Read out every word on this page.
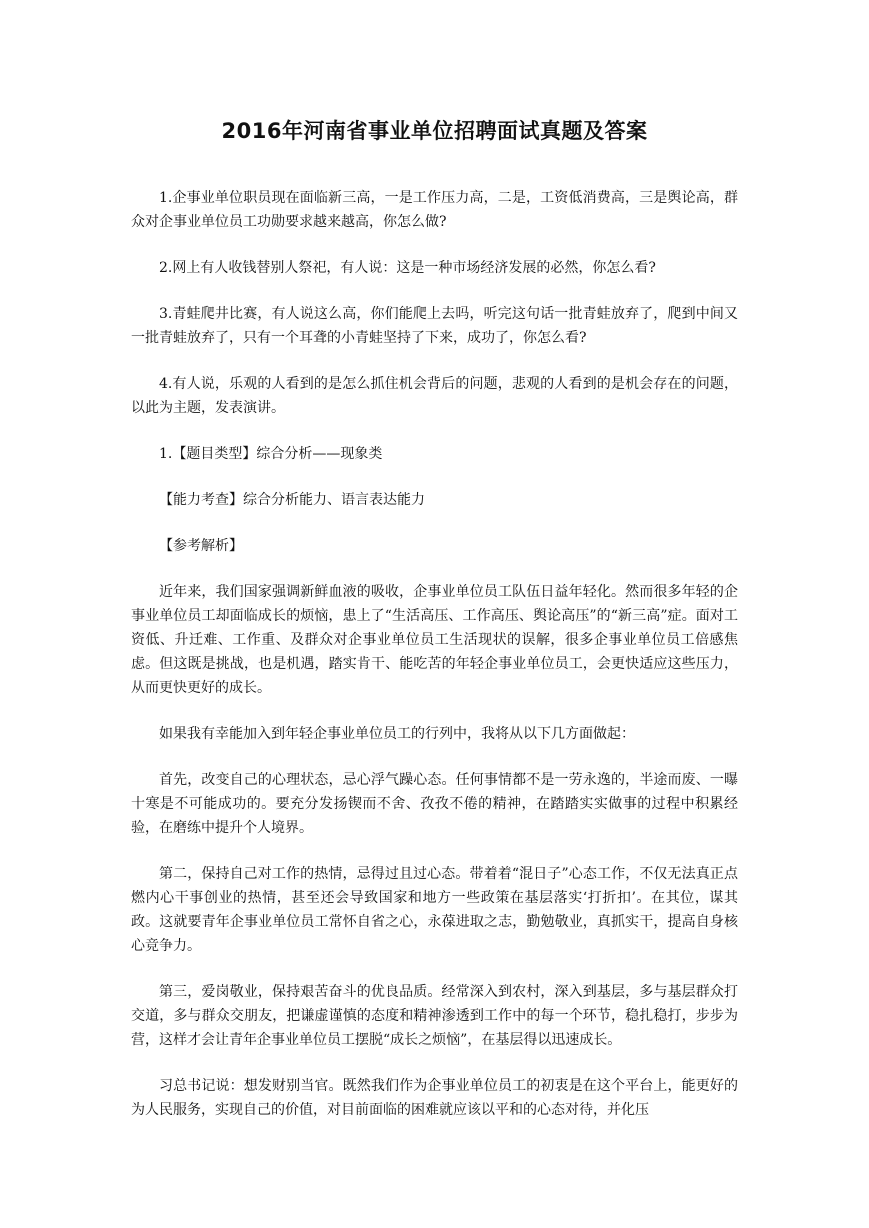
2016年河南省事业单位招聘面试真题及答案

1.企事业单位职员现在面临新三高，一是工作压力高，二是，工资低消费高，三是舆论高，群众对企事业单位员工功勋要求越来越高，你怎么做?

2.网上有人收钱替别人祭祀，有人说：这是一种市场经济发展的必然，你怎么看?

3.青蛙爬井比赛，有人说这么高，你们能爬上去吗，听完这句话一批青蛙放弃了，爬到中间又一批青蛙放弃了，只有一个耳聋的小青蛙坚持了下来，成功了，你怎么看?

4.有人说，乐观的人看到的是怎么抓住机会背后的问题，悲观的人看到的是机会存在的问题，以此为主题，发表演讲。

1.【题目类型】综合分析——现象类

【能力考查】综合分析能力、语言表达能力

【参考解析】

近年来，我们国家强调新鲜血液的吸收，企事业单位员工队伍日益年轻化。然而很多年轻的企事业单位员工却面临成长的烦恼，患上了“生活高压、工作高压、舆论高压”的“新三高”症。面对工资低、升迁难、工作重、及群众对企事业单位员工生活现状的误解，很多企事业单位员工倍感焦虑。但这既是挑战，也是机遇，踏实肯干、能吃苦的年轻企事业单位员工，会更快适应这些压力，从而更快更好的成长。

如果我有幸能加入到年轻企事业单位员工的行列中，我将从以下几方面做起：

首先，改变自己的心理状态，忌心浮气躁心态。任何事情都不是一劳永逸的，半途而废、一曝十寒是不可能成功的。要充分发扬锲而不舍、孜孜不倦的精神，在踏踏实实做事的过程中积累经验，在磨练中提升个人境界。

第二，保持自己对工作的热情，忌得过且过心态。带着着“混日子”心态工作，不仅无法真正点燃内心干事创业的热情，甚至还会导致国家和地方一些政策在基层落实‘打折扣’。在其位，谋其政。这就要青年企事业单位员工常怀自省之心，永葆进取之志，勤勉敬业，真抓实干，提高自身核心竞争力。

第三，爱岗敬业，保持艰苦奋斗的优良品质。经常深入到农村，深入到基层，多与基层群众打交道，多与群众交朋友，把谦虚谨慎的态度和精神渗透到工作中的每一个环节，稳扎稳打，步步为营，这样才会让青年企事业单位员工摆脱“成长之烦恼”，在基层得以迅速成长。

习总书记说：想发财别当官。既然我们作为企事业单位员工的初衷是在这个平台上，能更好的为人民服务，实现自己的价值，对目前面临的困难就应该以平和的心态对待，并化压
